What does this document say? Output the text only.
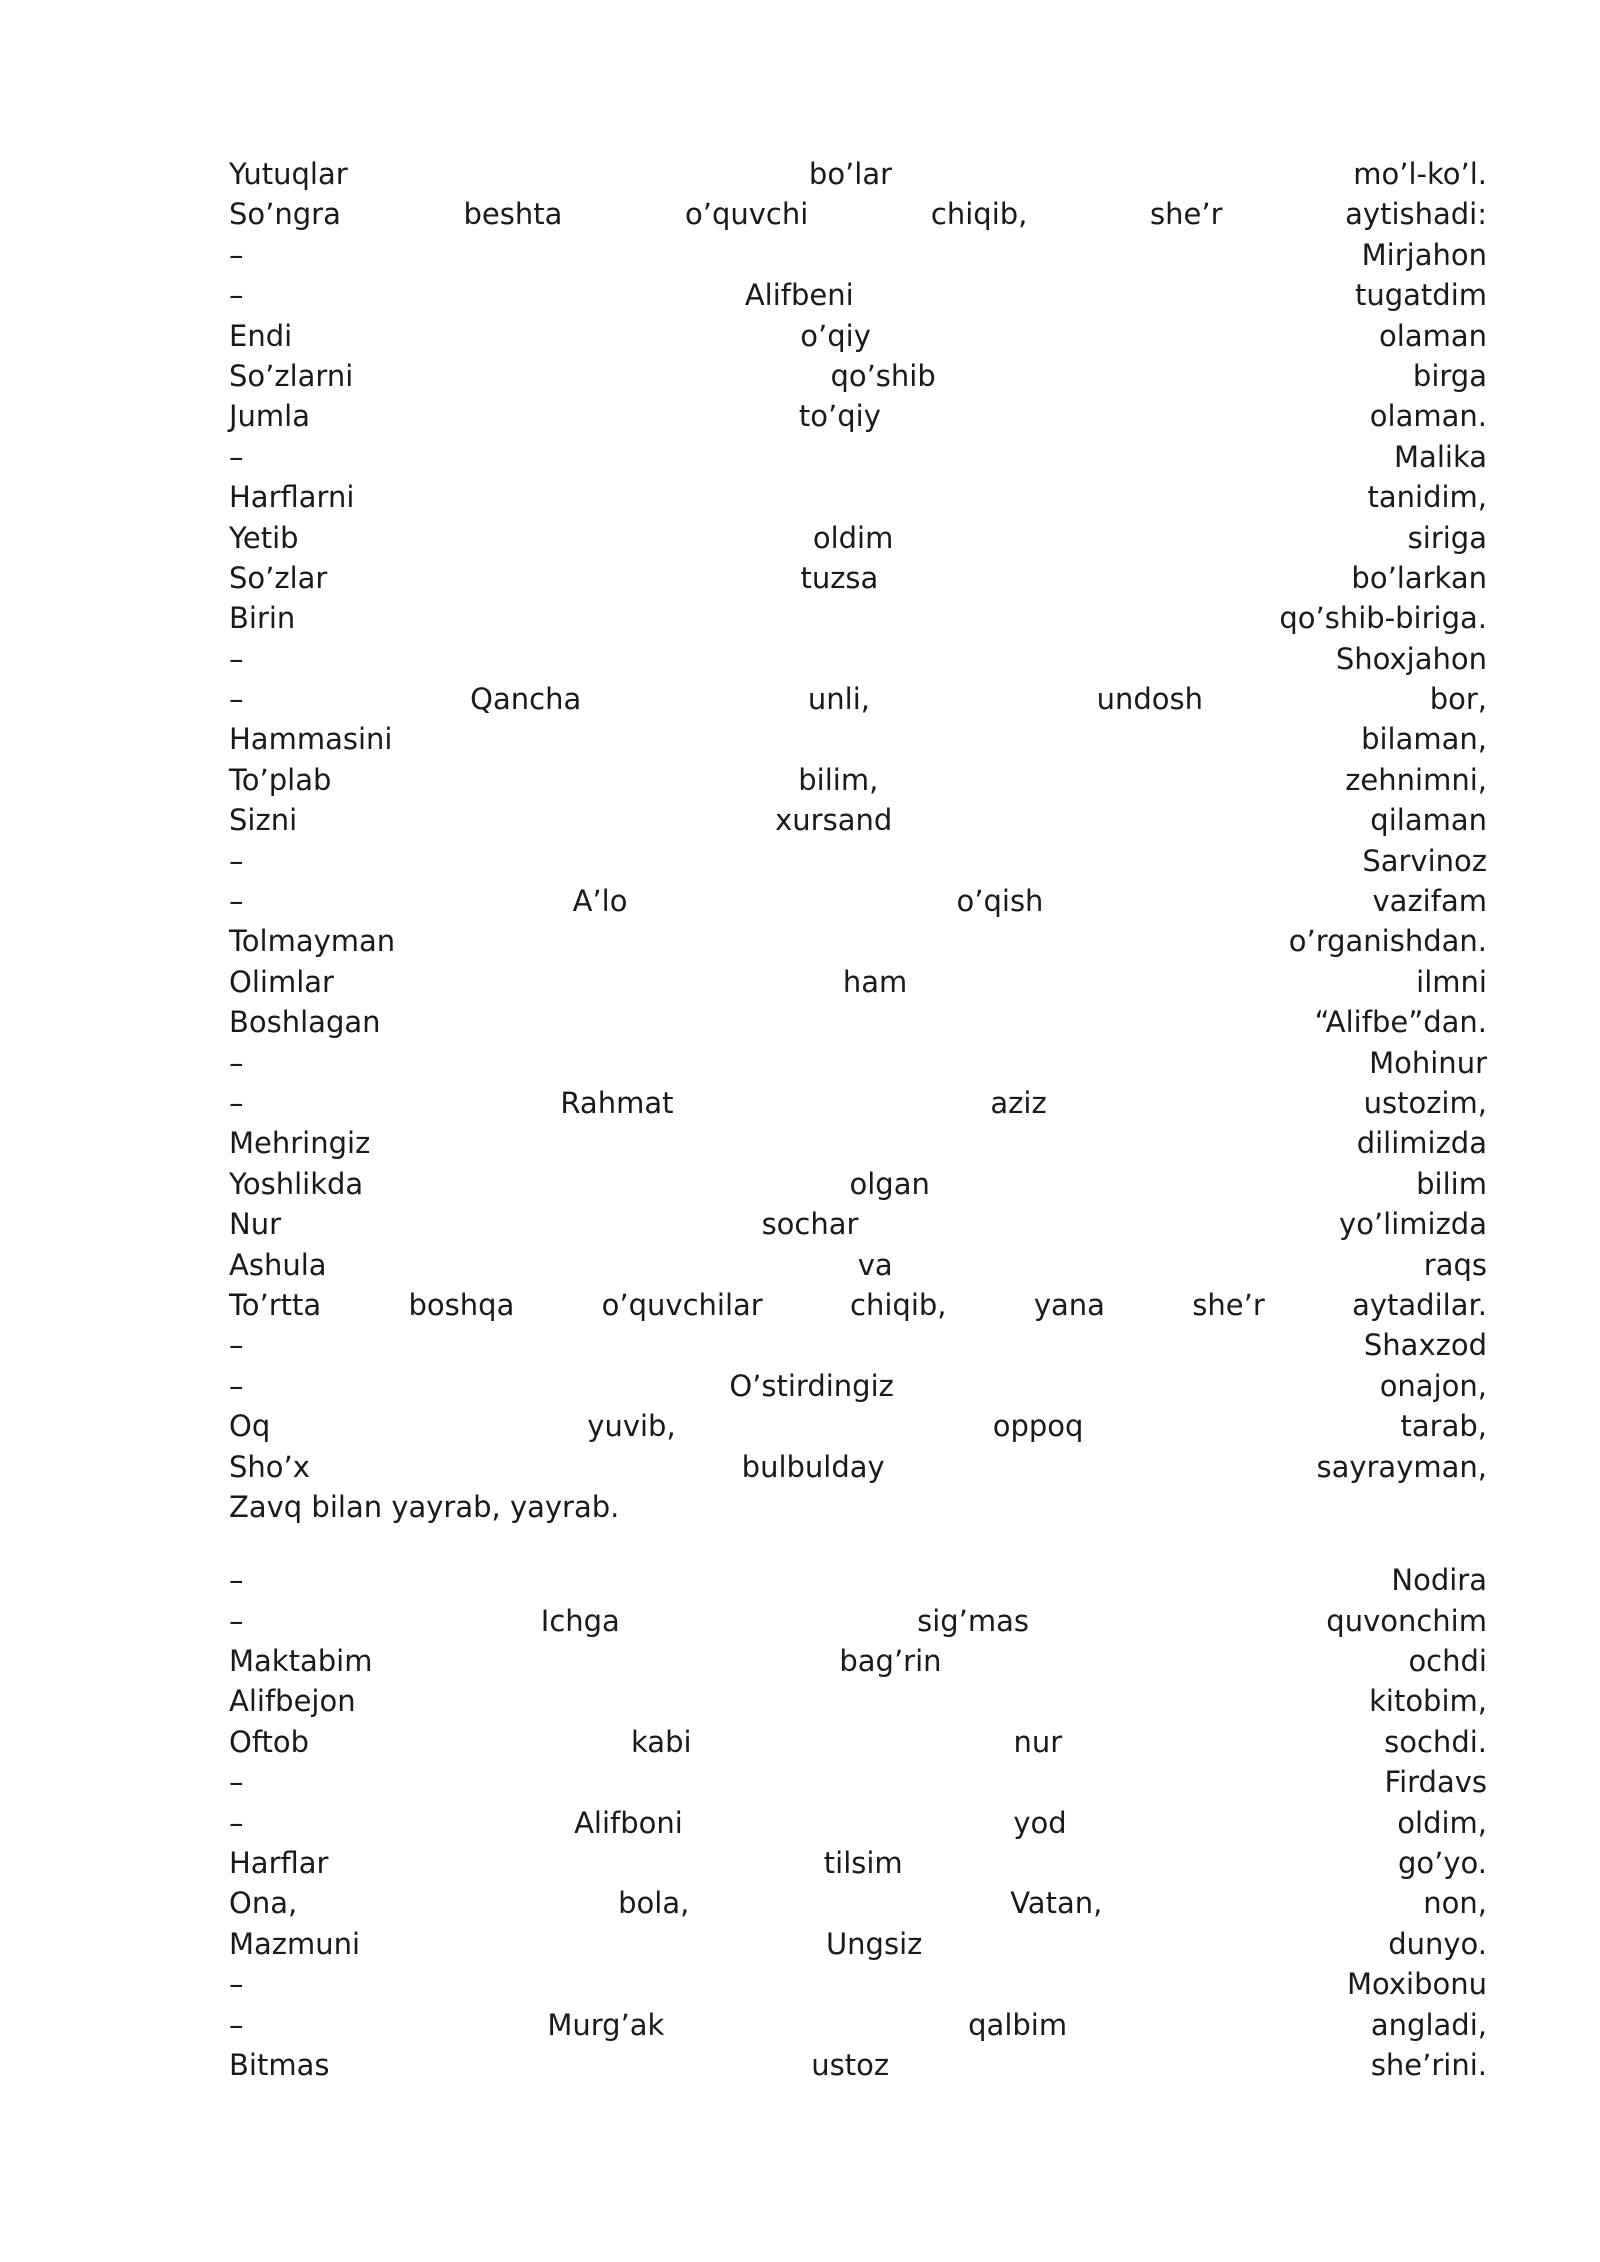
Yutuqlar	bo’lar	mo’l-ko’l.
So’ngra	beshta	o’quvchi	chiqib,	she’r	aytishadi:
–	Mirjahon
–	Alifbeni	tugatdim
Endi	o’qiy	olaman
So’zlarni	qo’shib	birga
Jumla	to’qiy	olaman.
–	Malika
Harflarni	tanidim,
Yetib	oldim	siriga
So’zlar	tuzsa	bo’larkan
Birin	qo’shib-biriga.
–	Shoxjahon
–	Qancha	unli,	undosh	bor,
Hammasini	bilaman,
To’plab	bilim,	zehnimni,
Sizni	xursand	qilaman
–	Sarvinoz
–	A’lo	o’qish	vazifam
Tolmayman	o’rganishdan.
Olimlar	ham	ilmni
Boshlagan	“Alifbe”dan.
–	Mohinur
–	Rahmat	aziz	ustozim,
Mehringiz	dilimizda
Yoshlikda	olgan	bilim
Nur	sochar	yo’limizda
Ashula	va	raqs
To’rtta	boshqa	o’quvchilar	chiqib,	yana	she’r	aytadilar.
–	Shaxzod
–	O’stirdingiz	onajon,
Oq	yuvib,	oppoq	tarab,
Sho’x	bulbulday	sayrayman,
Zavq bilan yayrab, yayrab.
–	Nodira
–	Ichga	sig’mas	quvonchim
Maktabim	bag’rin	ochdi
Alifbejon	kitobim,
Oftob	kabi	nur	sochdi.
–	Firdavs
–	Alifboni	yod	oldim,
Harflar	tilsim	go’yo.
Ona,	bola,	Vatan,	non,
Mazmuni	Ungsiz	dunyo.
–	Moxibonu
–	Murg’ak	qalbim	angladi,
Bitmas	ustoz	she’rini.
